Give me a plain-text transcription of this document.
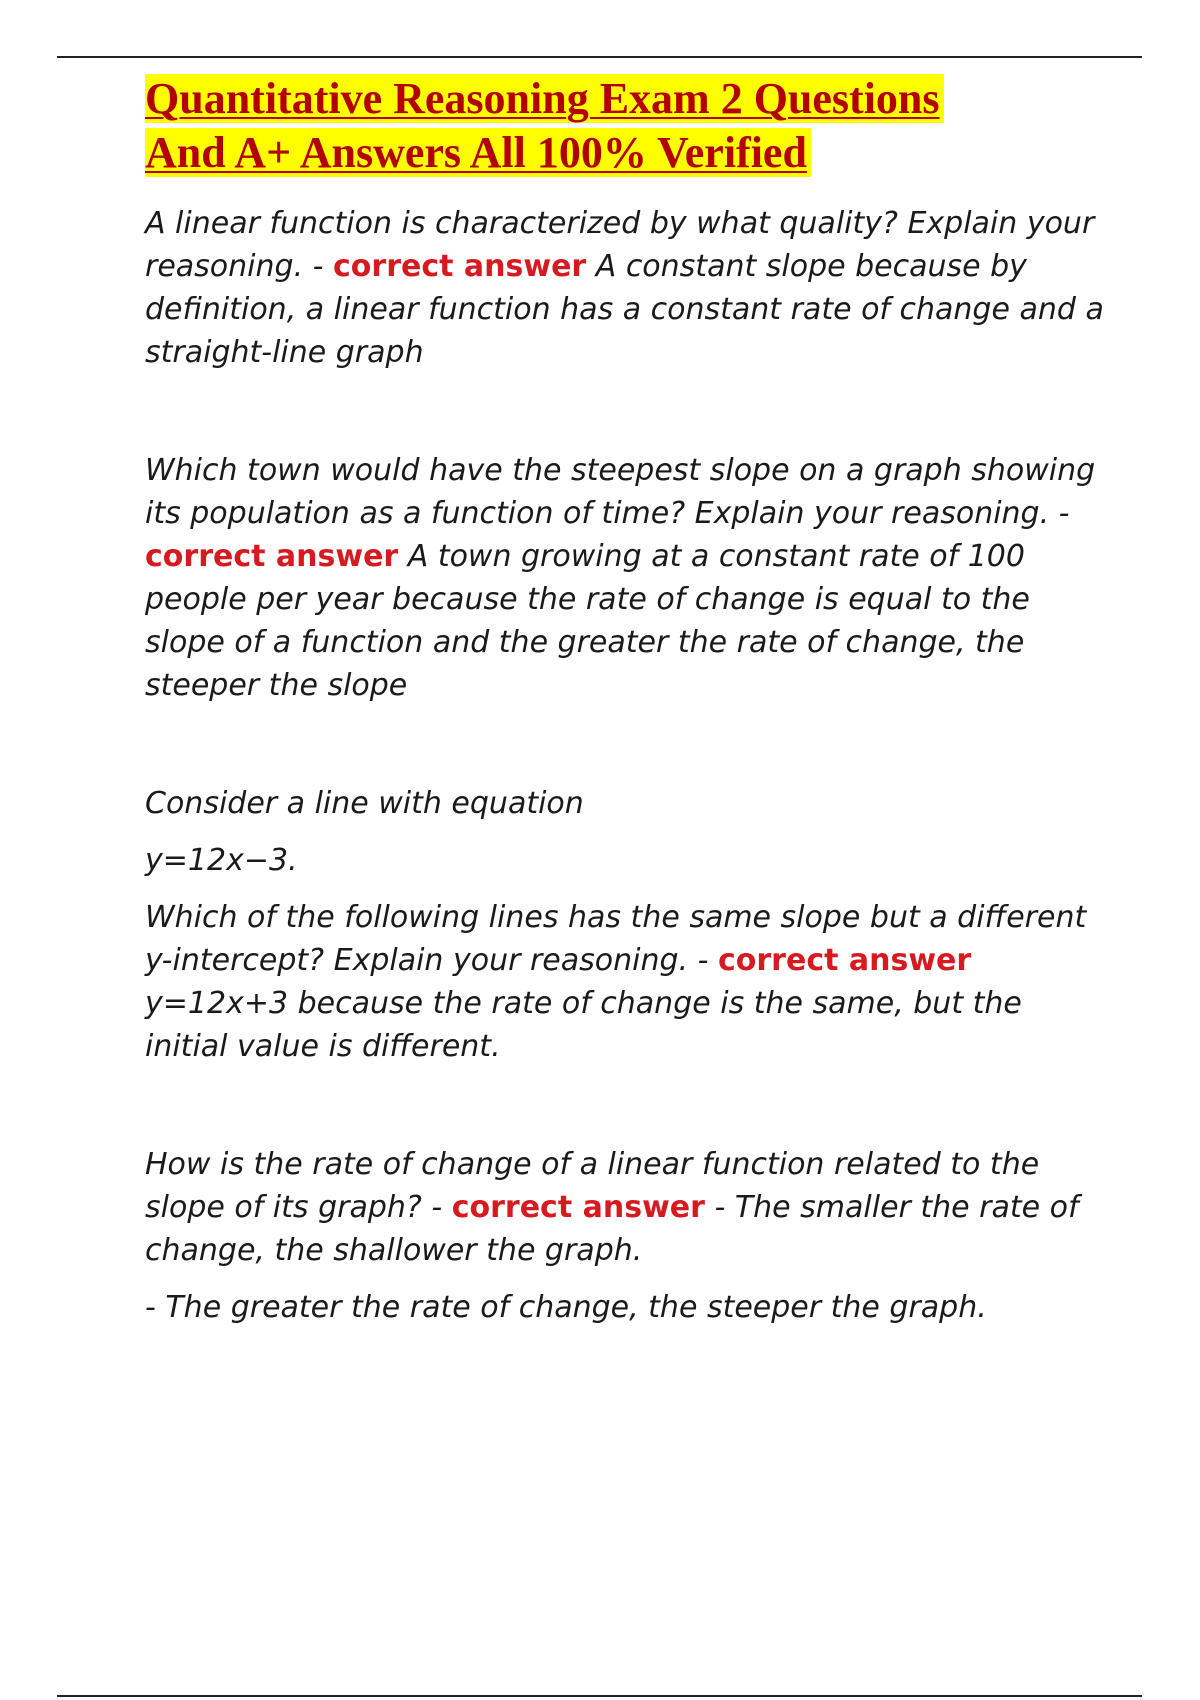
Quantitative Reasoning Exam 2 Questions
And A+ Answers All 100% Verified

A linear function is characterized by what quality? Explain your reasoning. - correct answer A constant slope because by definition, a linear function has a constant rate of change and a straight-line graph

Which town would have the steepest slope on a graph showing its population as a function of time? Explain your reasoning. - correct answer A town growing at a constant rate of 100 people per year because the rate of change is equal to the slope of a function and the greater the rate of change, the steeper the slope

Consider a line with equation

y=12x−3.

Which of the following lines has the same slope but a different y-intercept? Explain your reasoning. - correct answer y=12x+3 because the rate of change is the same, but the initial value is different.

How is the rate of change of a linear function related to the slope of its graph? - correct answer - The smaller the rate of change, the shallower the graph.

- The greater the rate of change, the steeper the graph.
